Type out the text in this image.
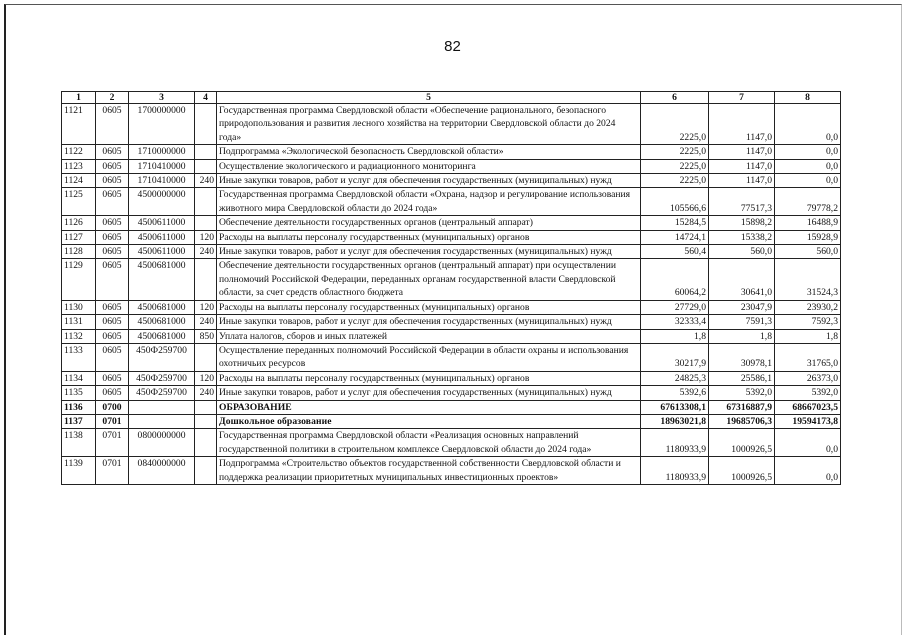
82
1	2	3	4	5	6	7	8
1121	0605	1700000000		Государственная программа Свердловской области «Обеспечение рационального, безопасного природопользования и развития лесного хозяйства на территории Свердловской области до 2024 года»	2225,0	1147,0	0,0
1122	0605	1710000000		Подпрограмма «Экологической безопасность Свердловской области»	2225,0	1147,0	0,0
1123	0605	1710410000		Осуществление экологического и радиационного мониторинга	2225,0	1147,0	0,0
1124	0605	1710410000	240	Иные закупки товаров, работ и услуг для обеспечения государственных (муниципальных) нужд	2225,0	1147,0	0,0
1125	0605	4500000000		Государственная программа Свердловской области «Охрана, надзор и регулирование использования животного мира Свердловской области до 2024 года»	105566,6	77517,3	79778,2
1126	0605	4500611000		Обеспечение деятельности государственных органов (центральный аппарат)	15284,5	15898,2	16488,9
1127	0605	4500611000	120	Расходы на выплаты персоналу государственных (муниципальных) органов	14724,1	15338,2	15928,9
1128	0605	4500611000	240	Иные закупки товаров, работ и услуг для обеспечения государственных (муниципальных) нужд	560,4	560,0	560,0
1129	0605	4500681000		Обеспечение деятельности государственных органов (центральный аппарат) при осуществлении полномочий Российской Федерации, переданных органам государственной власти Свердловской области, за счет средств областного бюджета	60064,2	30641,0	31524,3
1130	0605	4500681000	120	Расходы на выплаты персоналу государственных (муниципальных) органов	27729,0	23047,9	23930,2
1131	0605	4500681000	240	Иные закупки товаров, работ и услуг для обеспечения государственных (муниципальных) нужд	32333,4	7591,3	7592,3
1132	0605	4500681000	850	Уплата налогов, сборов и иных платежей	1,8	1,8	1,8
1133	0605	450Ф259700		Осуществление переданных полномочий Российской Федерации в области охраны и использования охотничьих ресурсов	30217,9	30978,1	31765,0
1134	0605	450Ф259700	120	Расходы на выплаты персоналу государственных (муниципальных) органов	24825,3	25586,1	26373,0
1135	0605	450Ф259700	240	Иные закупки товаров, работ и услуг для обеспечения государственных (муниципальных) нужд	5392,6	5392,0	5392,0
1136	0700			ОБРАЗОВАНИЕ	67613308,1	67316887,9	68667023,5
1137	0701			Дошкольное образование	18963021,8	19685706,3	19594173,8
1138	0701	0800000000		Государственная программа Свердловской области «Реализация основных направлений государственной политики в строительном комплексе Свердловской области до 2024 года»	1180933,9	1000926,5	0,0
1139	0701	0840000000		Подпрограмма «Строительство объектов государственной собственности Свердловской области и поддержка реализации приоритетных муниципальных инвестиционных проектов»	1180933,9	1000926,5	0,0
